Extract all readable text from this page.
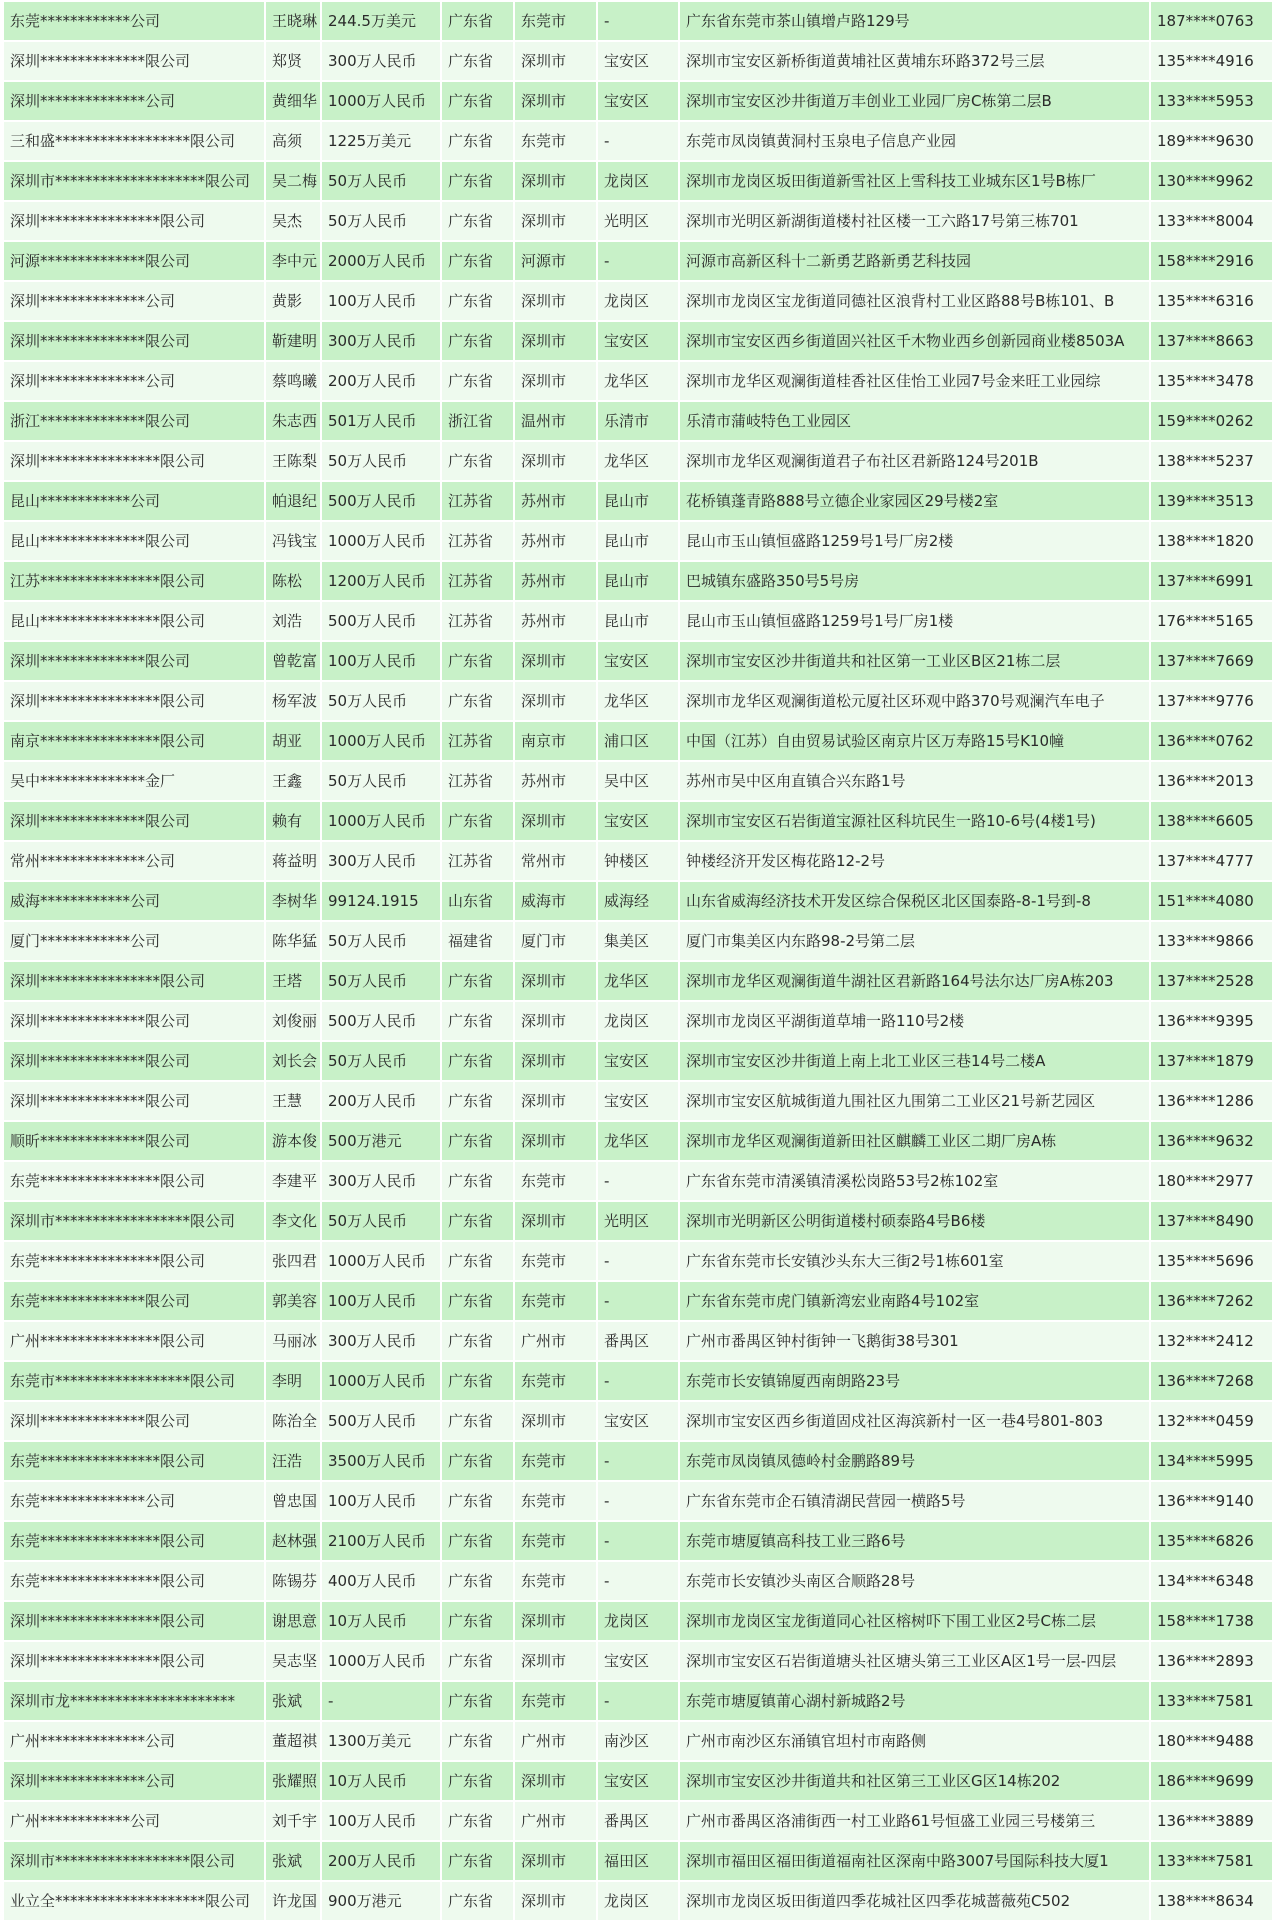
东莞************公司	王晓琳	244.5万美元	广东省	东莞市	-	广东省东莞市茶山镇增卢路129号	187****0763
深圳**************限公司	郑贤	300万人民币	广东省	深圳市	宝安区	深圳市宝安区新桥街道黄埔社区黄埔东环路372号三层	135****4916
深圳**************公司	黄细华	1000万人民币	广东省	深圳市	宝安区	深圳市宝安区沙井街道万丰创业工业园厂房C栋第二层B	133****5953
三和盛******************限公司	高须	1225万美元	广东省	东莞市	-	东莞市凤岗镇黄洞村玉泉电子信息产业园	189****9630
深圳市********************限公司	吴二梅	50万人民币	广东省	深圳市	龙岗区	深圳市龙岗区坂田街道新雪社区上雪科技工业城东区1号B栋厂	130****9962
深圳****************限公司	吴杰	50万人民币	广东省	深圳市	光明区	深圳市光明区新湖街道楼村社区楼一工六路17号第三栋701	133****8004
河源**************限公司	李中元	2000万人民币	广东省	河源市	-	河源市高新区科十二新勇艺路新勇艺科技园	158****2916
深圳**************公司	黄影	100万人民币	广东省	深圳市	龙岗区	深圳市龙岗区宝龙街道同德社区浪背村工业区路88号B栋101、B	135****6316
深圳**************限公司	靳建明	300万人民币	广东省	深圳市	宝安区	深圳市宝安区西乡街道固兴社区千木物业西乡创新园商业楼8503A	137****8663
深圳**************公司	蔡鸣曦	200万人民币	广东省	深圳市	龙华区	深圳市龙华区观澜街道桂香社区佳怡工业园7号金来旺工业园综	135****3478
浙江**************限公司	朱志西	501万人民币	浙江省	温州市	乐清市	乐清市蒲岐特色工业园区	159****0262
深圳****************限公司	王陈梨	50万人民币	广东省	深圳市	龙华区	深圳市龙华区观澜街道君子布社区君新路124号201B	138****5237
昆山************公司	帕退纪	500万人民币	江苏省	苏州市	昆山市	花桥镇蓬青路888号立德企业家园区29号楼2室	139****3513
昆山**************限公司	冯钱宝	1000万人民币	江苏省	苏州市	昆山市	昆山市玉山镇恒盛路1259号1号厂房2楼	138****1820
江苏****************限公司	陈松	1200万人民币	江苏省	苏州市	昆山市	巴城镇东盛路350号5号房	137****6991
昆山****************限公司	刘浩	500万人民币	江苏省	苏州市	昆山市	昆山市玉山镇恒盛路1259号1号厂房1楼	176****5165
深圳**************限公司	曾乾富	100万人民币	广东省	深圳市	宝安区	深圳市宝安区沙井街道共和社区第一工业区B区21栋二层	137****7669
深圳****************限公司	杨军波	50万人民币	广东省	深圳市	龙华区	深圳市龙华区观澜街道松元厦社区环观中路370号观澜汽车电子	137****9776
南京****************限公司	胡亚	1000万人民币	江苏省	南京市	浦口区	中国（江苏）自由贸易试验区南京片区万寿路15号K10幢	136****0762
吴中**************金厂	王鑫	50万人民币	江苏省	苏州市	吴中区	苏州市吴中区甪直镇合兴东路1号	136****2013
深圳**************限公司	赖有	1000万人民币	广东省	深圳市	宝安区	深圳市宝安区石岩街道宝源社区科坑民生一路10-6号(4楼1号)	138****6605
常州**************公司	蒋益明	300万人民币	江苏省	常州市	钟楼区	钟楼经济开发区梅花路12-2号	137****4777
威海************公司	李树华	99124.1915	山东省	威海市	威海经	山东省威海经济技术开发区综合保税区北区国泰路-8-1号到-8	151****4080
厦门************公司	陈华猛	50万人民币	福建省	厦门市	集美区	厦门市集美区内东路98-2号第二层	133****9866
深圳****************限公司	王塔	50万人民币	广东省	深圳市	龙华区	深圳市龙华区观澜街道牛湖社区君新路164号法尔达厂房A栋203	137****2528
深圳**************限公司	刘俊丽	500万人民币	广东省	深圳市	龙岗区	深圳市龙岗区平湖街道草埔一路110号2楼	136****9395
深圳**************限公司	刘长会	50万人民币	广东省	深圳市	宝安区	深圳市宝安区沙井街道上南上北工业区三巷14号二楼A	137****1879
深圳**************限公司	王慧	200万人民币	广东省	深圳市	宝安区	深圳市宝安区航城街道九围社区九围第二工业区21号新艺园区	136****1286
顺昕**************限公司	游本俊	500万港元	广东省	深圳市	龙华区	深圳市龙华区观澜街道新田社区麒麟工业区二期厂房A栋	136****9632
东莞****************限公司	李建平	300万人民币	广东省	东莞市	-	广东省东莞市清溪镇清溪松岗路53号2栋102室	180****2977
深圳市******************限公司	李文化	50万人民币	广东省	深圳市	光明区	深圳市光明新区公明街道楼村硕泰路4号B6楼	137****8490
东莞****************限公司	张四君	1000万人民币	广东省	东莞市	-	广东省东莞市长安镇沙头东大三街2号1栋601室	135****5696
东莞**************限公司	郭美容	100万人民币	广东省	东莞市	-	广东省东莞市虎门镇新湾宏业南路4号102室	136****7262
广州****************限公司	马丽冰	300万人民币	广东省	广州市	番禺区	广州市番禺区钟村街钟一飞鹅街38号301	132****2412
东莞市******************限公司	李明	1000万人民币	广东省	东莞市	-	东莞市长安镇锦厦西南朗路23号	136****7268
深圳**************限公司	陈治全	500万人民币	广东省	深圳市	宝安区	深圳市宝安区西乡街道固戍社区海滨新村一区一巷4号801-803	132****0459
东莞****************限公司	汪浩	3500万人民币	广东省	东莞市	-	东莞市凤岗镇凤德岭村金鹏路89号	134****5995
东莞**************公司	曾忠国	100万人民币	广东省	东莞市	-	广东省东莞市企石镇清湖民营园一横路5号	136****9140
东莞****************限公司	赵林强	2100万人民币	广东省	东莞市	-	东莞市塘厦镇高科技工业三路6号	135****6826
东莞****************限公司	陈锡芬	400万人民币	广东省	东莞市	-	东莞市长安镇沙头南区合顺路28号	134****6348
深圳****************限公司	谢思意	10万人民币	广东省	深圳市	龙岗区	深圳市龙岗区宝龙街道同心社区榕树吓下围工业区2号C栋二层	158****1738
深圳****************限公司	吴志坚	1000万人民币	广东省	深圳市	宝安区	深圳市宝安区石岩街道塘头社区塘头第三工业区A区1号一层-四层	136****2893
深圳市龙**********************	张斌	-	广东省	东莞市	-	东莞市塘厦镇莆心湖村新城路2号	133****7581
广州**************公司	董超祺	1300万美元	广东省	广州市	南沙区	广州市南沙区东涌镇官坦村市南路侧	180****9488
深圳**************公司	张耀照	10万人民币	广东省	深圳市	宝安区	深圳市宝安区沙井街道共和社区第三工业区G区14栋202	186****9699
广州************公司	刘千宇	100万人民币	广东省	广州市	番禺区	广州市番禺区洛浦街西一村工业路61号恒盛工业园三号楼第三	136****3889
深圳市******************限公司	张斌	200万人民币	广东省	深圳市	福田区	深圳市福田区福田街道福南社区深南中路3007号国际科技大厦1	133****7581
业立全********************限公司	许龙国	900万港元	广东省	深圳市	龙岗区	深圳市龙岗区坂田街道四季花城社区四季花城蔷薇苑C502	138****8634
